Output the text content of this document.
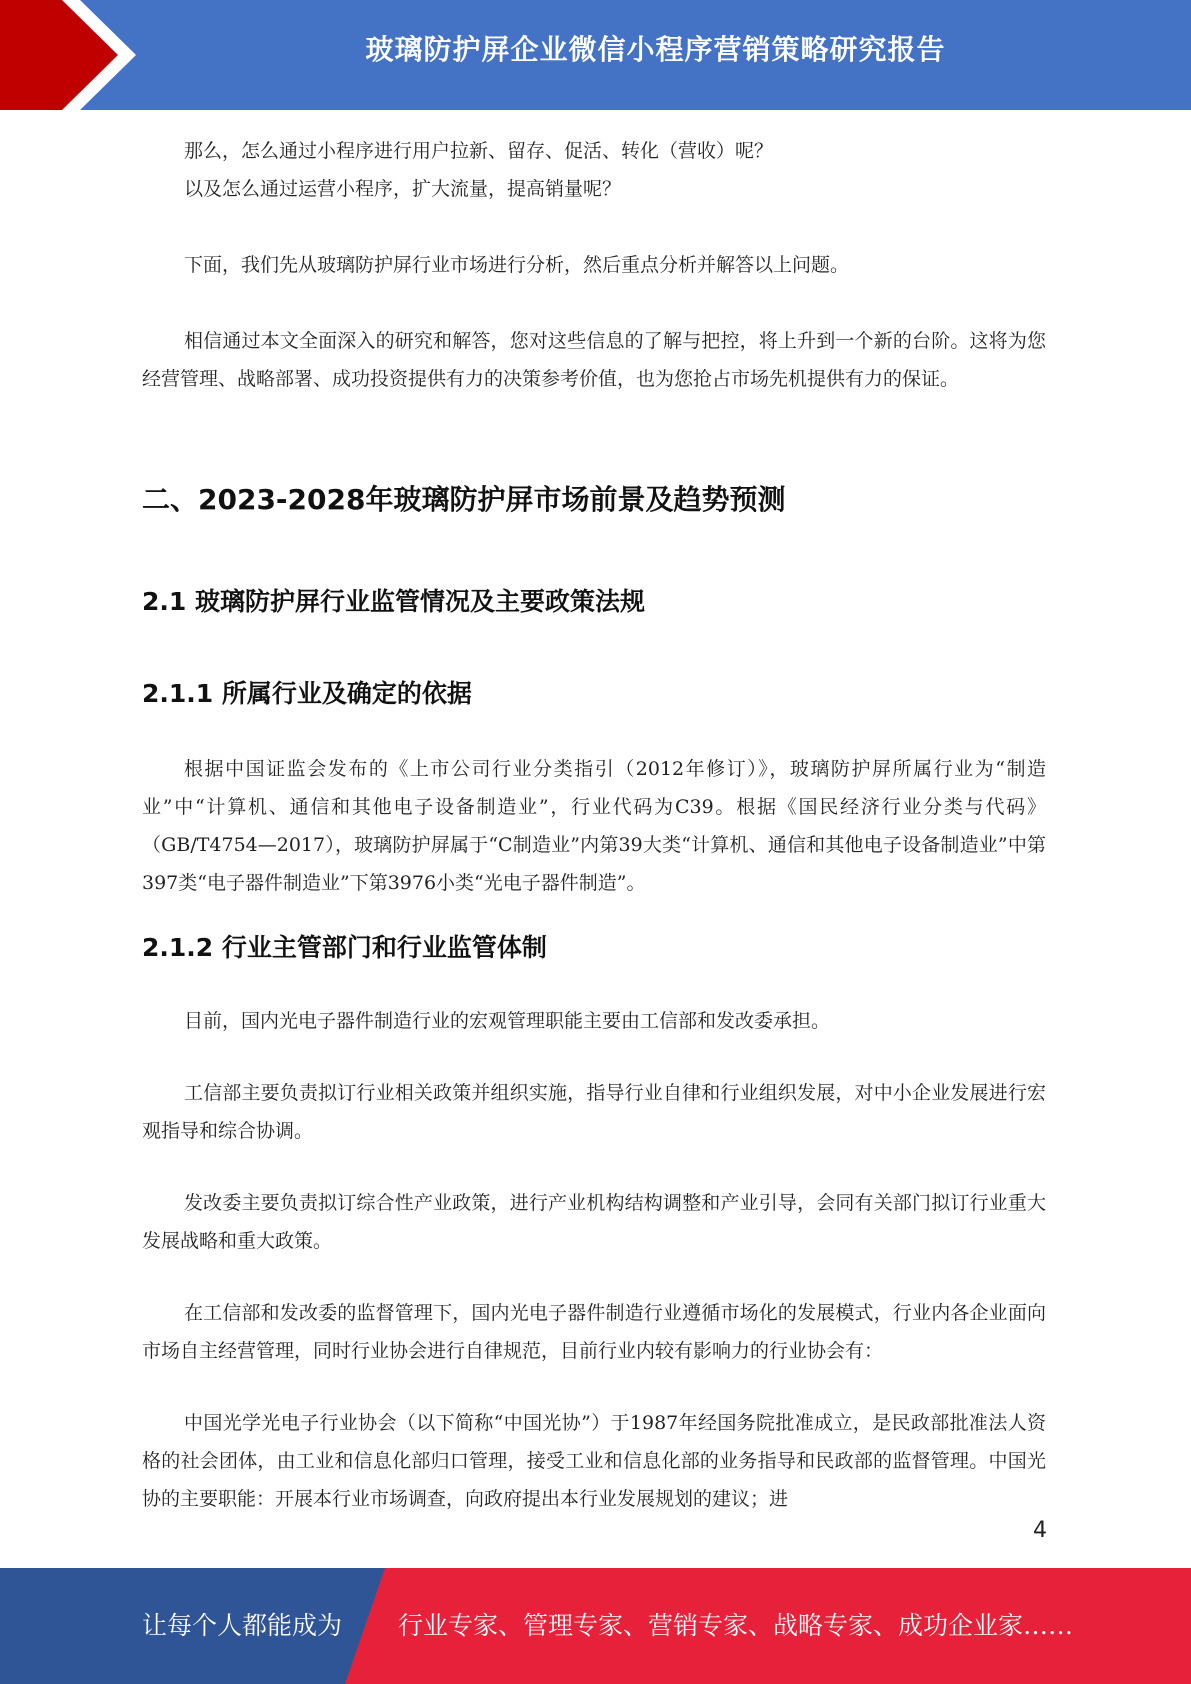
玻璃防护屏企业微信小程序营销策略研究报告

那么，怎么通过小程序进行用户拉新、留存、促活、转化（营收）呢？

以及怎么通过运营小程序，扩大流量，提高销量呢？

下面，我们先从玻璃防护屏行业市场进行分析，然后重点分析并解答以上问题。

相信通过本文全面深入的研究和解答，您对这些信息的了解与把控，将上升到一个新的台阶。这将为您经营管理、战略部署、成功投资提供有力的决策参考价值，也为您抢占市场先机提供有力的保证。

二、2023-2028年玻璃防护屏市场前景及趋势预测
2.1 玻璃防护屏行业监管情况及主要政策法规
2.1.1 所属行业及确定的依据

根据中国证监会发布的《上市公司行业分类指引（2012年修订）》，玻璃防护屏所属行业为“制造业”中“计算机、通信和其他电子设备制造业”，行业代码为C39。根据《国民经济行业分类与代码》（GB/T4754—2017），玻璃防护屏属于“C制造业”内第39大类“计算机、通信和其他电子设备制造业”中第397类“电子器件制造业”下第3976小类“光电子器件制造”。

2.1.2 行业主管部门和行业监管体制

目前，国内光电子器件制造行业的宏观管理职能主要由工信部和发改委承担。

工信部主要负责拟订行业相关政策并组织实施，指导行业自律和行业组织发展，对中小企业发展进行宏观指导和综合协调。

发改委主要负责拟订综合性产业政策，进行产业机构结构调整和产业引导，会同有关部门拟订行业重大发展战略和重大政策。

在工信部和发改委的监督管理下，国内光电子器件制造行业遵循市场化的发展模式，行业内各企业面向市场自主经营管理，同时行业协会进行自律规范，目前行业内较有影响力的行业协会有：

中国光学光电子行业协会（以下简称“中国光协”）于1987年经国务院批准成立，是民政部批准法人资格的社会团体，由工业和信息化部归口管理，接受工业和信息化部的业务指导和民政部的监督管理。中国光协的主要职能：开展本行业市场调查，向政府提出本行业发展规划的建议；进

4
让每个人都能成为 行业专家、管理专家、营销专家、战略专家、成功企业家……
